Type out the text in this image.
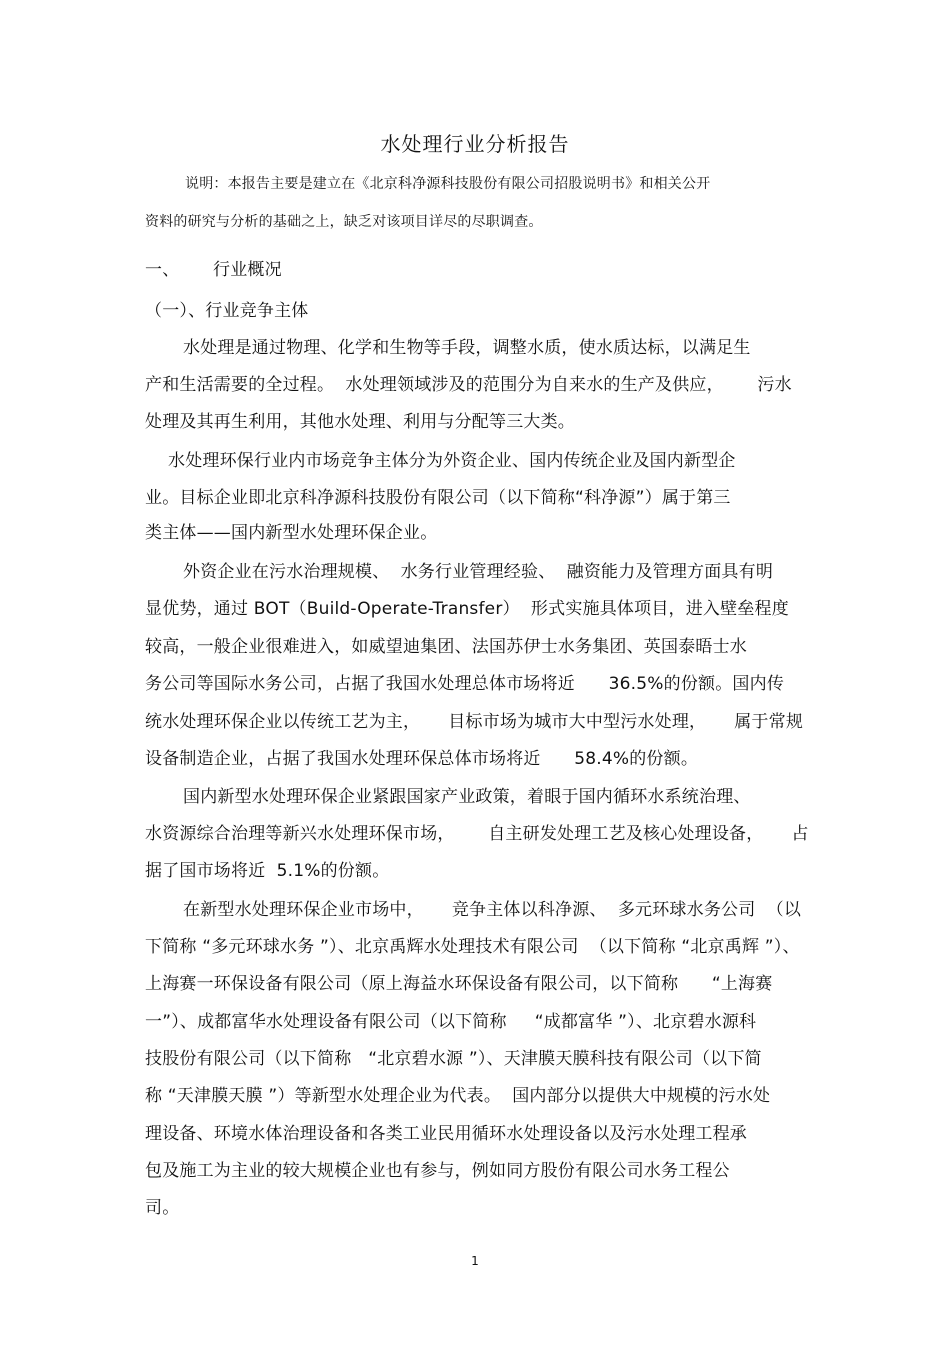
水处理行业分析报告
说明：本报告主要是建立在《北京科净源科技股份有限公司招股说明书》和相关公开
资料的研究与分析的基础之上，缺乏对该项目详尽的尽职调查。
一、      行业概况
（一）、行业竞争主体
水处理是通过物理、化学和生物等手段，调整水质，使水质达标，以满足生
产和生活需要的全过程。  水处理领域涉及的范围分为自来水的生产及供应，      污水
处理及其再生利用，其他水处理、利用与分配等三大类。
水处理环保行业内市场竞争主体分为外资企业、国内传统企业及国内新型企
业。目标企业即北京科净源科技股份有限公司（以下简称“科净源”）属于第三
类主体——国内新型水处理环保企业。
外资企业在污水治理规模、  水务行业管理经验、  融资能力及管理方面具有明
显优势，通过 BOT（Build-Operate-Transfer）  形式实施具体项目，进入壁垒程度
较高，一般企业很难进入，如威望迪集团、法国苏伊士水务集团、英国泰晤士水
务公司等国际水务公司，占据了我国水处理总体市场将近      36.5%的份额。国内传
统水处理环保企业以传统工艺为主，     目标市场为城市大中型污水处理，     属于常规
设备制造企业，占据了我国水处理环保总体市场将近      58.4%的份额。
国内新型水处理环保企业紧跟国家产业政策，着眼于国内循环水系统治理、
水资源综合治理等新兴水处理环保市场，      自主研发处理工艺及核心处理设备，     占
据了国市场将近  5.1%的份额。
在新型水处理环保企业市场中，     竞争主体以科净源、  多元环球水务公司  （以
下简称 “多元环球水务 ”）、北京禹辉水处理技术有限公司  （以下简称 “北京禹辉 ”）、
上海赛一环保设备有限公司（原上海益水环保设备有限公司，以下简称      “上海赛
一”）、成都富华水处理设备有限公司（以下简称     “成都富华 ”）、北京碧水源科
技股份有限公司（以下简称   “北京碧水源 ”）、天津膜天膜科技有限公司（以下简
称 “天津膜天膜 ”）等新型水处理企业为代表。  国内部分以提供大中规模的污水处
理设备、环境水体治理设备和各类工业民用循环水处理设备以及污水处理工程承
包及施工为主业的较大规模企业也有参与，例如同方股份有限公司水务工程公
司。
1
